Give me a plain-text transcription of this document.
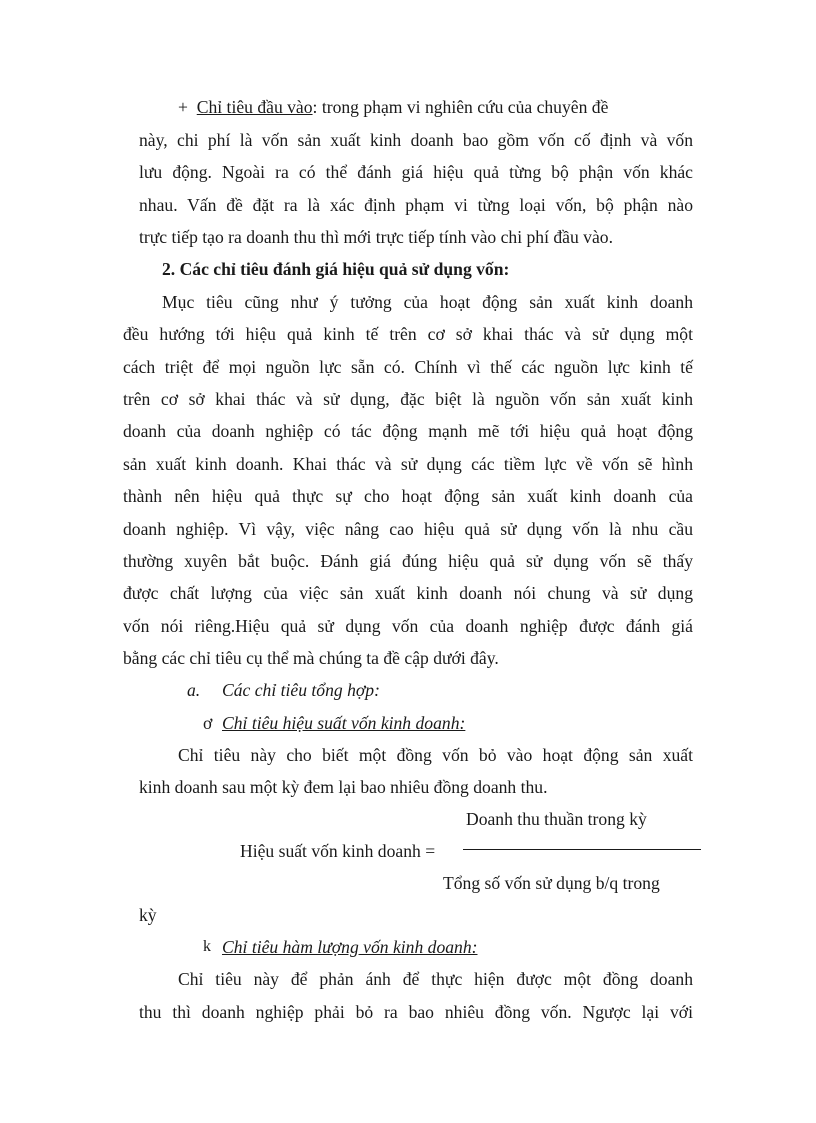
+ Chỉ tiêu đầu vào: trong phạm vi nghiên cứu của chuyên đề
này, chi phí là vốn sản xuất kinh doanh bao gồm vốn cố định và vốn
lưu động. Ngoài ra có thể đánh giá hiệu quả từng bộ phận vốn khác
nhau. Vấn đề đặt ra là xác định phạm vi từng loại vốn, bộ phận nào
trực tiếp tạo ra doanh thu thì mới trực tiếp tính vào chi phí đầu vào.
2. Các chỉ tiêu đánh giá hiệu quả sử dụng vốn:
Mục tiêu cũng như ý tưởng của hoạt động sản xuất kinh doanh
đều hướng tới hiệu quả kinh tế trên cơ sở khai thác và sử dụng một
cách triệt để mọi nguồn lực sẵn có. Chính vì thế các nguồn lực kinh tế
trên cơ sở khai thác và sử dụng, đặc biệt là nguồn vốn sản xuất kinh
doanh của doanh nghiệp có tác động mạnh mẽ tới hiệu quả hoạt động
sản xuất kinh doanh. Khai thác và sử dụng các tiềm lực về vốn sẽ hình
thành nên hiệu quả thực sự cho hoạt động sản xuất kinh doanh của
doanh nghiệp. Vì vậy, việc nâng cao hiệu quả sử dụng vốn là nhu cầu
thường xuyên bắt buộc. Đánh giá đúng hiệu quả sử dụng vốn sẽ thấy
được chất lượng của việc sản xuất kinh doanh nói chung và sử dụng
vốn nói riêng.Hiệu quả sử dụng vốn của doanh nghiệp được đánh giá
bằng các chỉ tiêu cụ thể mà chúng ta đề cập dưới đây.
a. Các chỉ tiêu tổng hợp:
ơ Chỉ tiêu hiệu suất vốn kinh doanh:
Chỉ tiêu này cho biết một đồng vốn bỏ vào hoạt động sản xuất
kinh doanh sau một kỳ đem lại bao nhiêu đồng doanh thu.
Doanh thu thuần trong kỳ
Hiệu suất vốn kinh doanh =
Tổng số vốn sử dụng b/q trong
kỳ
k Chỉ tiêu hàm lượng vốn kinh doanh:
Chỉ tiêu này để phản ánh để thực hiện được một đồng doanh
thu thì doanh nghiệp phải bỏ ra bao nhiêu đồng vốn. Ngược lại với
